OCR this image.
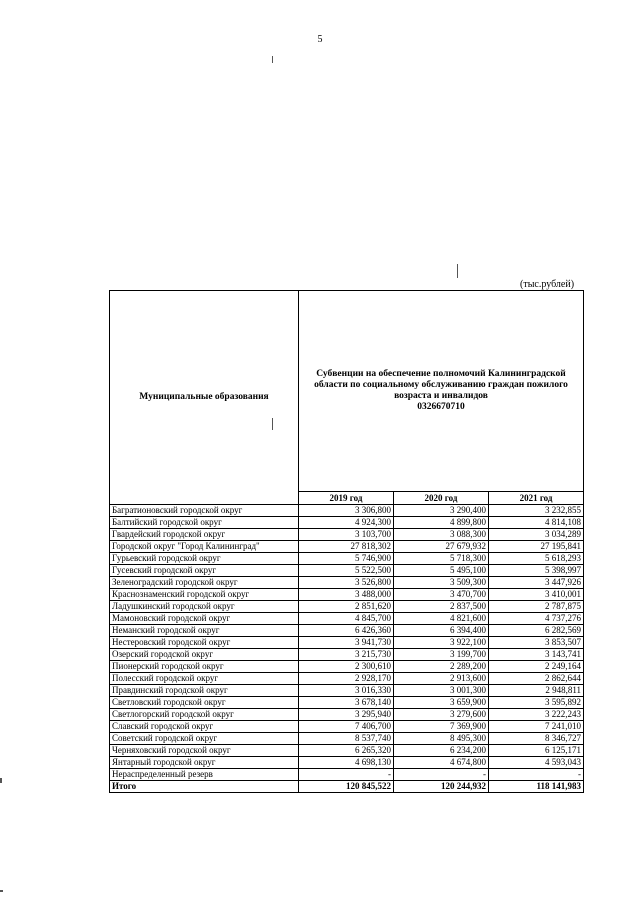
5
(тыс.рублей)
Муниципальные образования	Субвенции на обеспечение полномочий Калининградской области по социальному обслуживанию граждан пожилого возраста и инвалидов
0326670710		

	2019 год	2020 год	2021 год
Багратионовский городской округ	3 306,800	3 290,400	3 232,855
Балтийский городской округ	4 924,300	4 899,800	4 814,108
Гвардейский городской округ	3 103,700	3 088,300	3 034,289
Городской округ "Город Калининград"	27 818,302	27 679,932	27 195,841
Гурьевский городской округ	5 746,900	5 718,300	5 618,293
Гусевский городской округ	5 522,500	5 495,100	5 398,997
Зеленоградский городской округ	3 526,800	3 509,300	3 447,926
Краснознаменский городской округ	3 488,000	3 470,700	3 410,001
Ладушкинский городской округ	2 851,620	2 837,500	2 787,875
Мамоновский городской округ	4 845,700	4 821,600	4 737,276
Неманский городской округ	6 426,360	6 394,400	6 282,569
Нестеровский городской округ	3 941,730	3 922,100	3 853,507
Озерский городской округ	3 215,730	3 199,700	3 143,741
Пионерский городской округ	2 300,610	2 289,200	2 249,164
Полесский городской округ	2 928,170	2 913,600	2 862,644
Правдинский городской округ	3 016,330	3 001,300	2 948,811
Светловский городской округ	3 678,140	3 659,900	3 595,892
Светлогорский городской округ	3 295,940	3 279,600	3 222,243
Славский городской округ	7 406,700	7 369,900	7 241,010
Советский городской округ	8 537,740	8 495,300	8 346,727
Черняховский городской округ	6 265,320	6 234,200	6 125,171
Янтарный городской округ	4 698,130	4 674,800	4 593,043
Нераспределенный резерв	-	-	-
Итого	120 845,522	120 244,932	118 141,983
